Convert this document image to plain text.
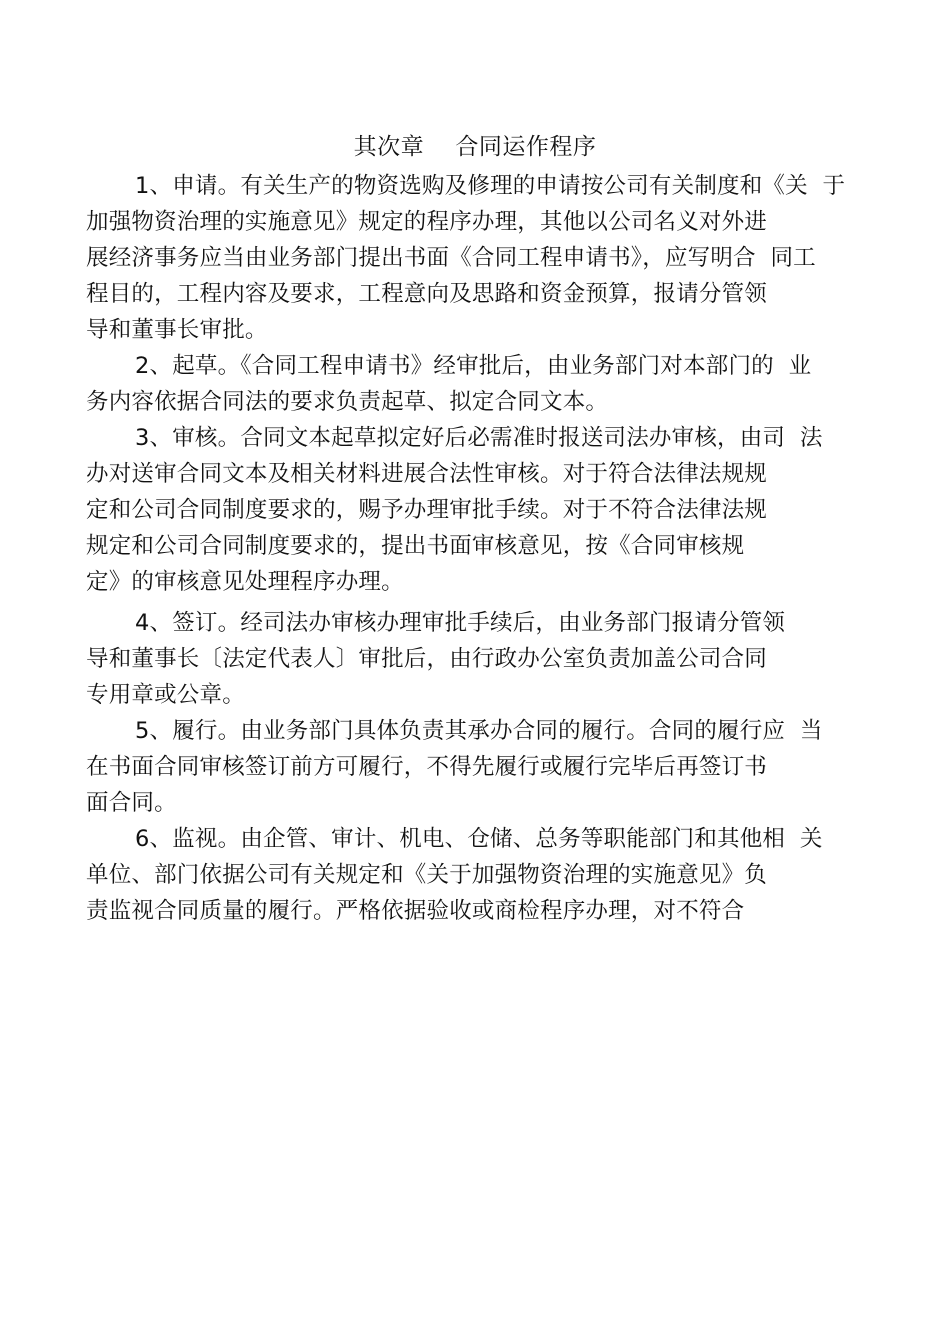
其次章    合同运作程序
1、申请。有关生产的物资选购及修理的申请按公司有关制度和《关  于
加强物资治理的实施意见》规定的程序办理，其他以公司名义对外进
展经济事务应当由业务部门提出书面《合同工程申请书》，应写明合  同工
程目的，工程内容及要求，工程意向及思路和资金预算，报请分管领
导和董事长审批。
2、起草。《合同工程申请书》经审批后，由业务部门对本部门的  业
务内容依据合同法的要求负责起草、拟定合同文本。
3、审核。合同文本起草拟定好后必需准时报送司法办审核，由司  法
办对送审合同文本及相关材料进展合法性审核。对于符合法律法规规
定和公司合同制度要求的，赐予办理审批手续。对于不符合法律法规
规定和公司合同制度要求的，提出书面审核意见，按《合同审核规
定》的审核意见处理程序办理。
4、签订。经司法办审核办理审批手续后，由业务部门报请分管领
导和董事长〔法定代表人〕审批后，由行政办公室负责加盖公司合同
专用章或公章。
5、履行。由业务部门具体负责其承办合同的履行。合同的履行应  当
在书面合同审核签订前方可履行，不得先履行或履行完毕后再签订书
面合同。
6、监视。由企管、审计、机电、仓储、总务等职能部门和其他相  关
单位、部门依据公司有关规定和《关于加强物资治理的实施意见》负
责监视合同质量的履行。严格依据验收或商检程序办理，对不符合
